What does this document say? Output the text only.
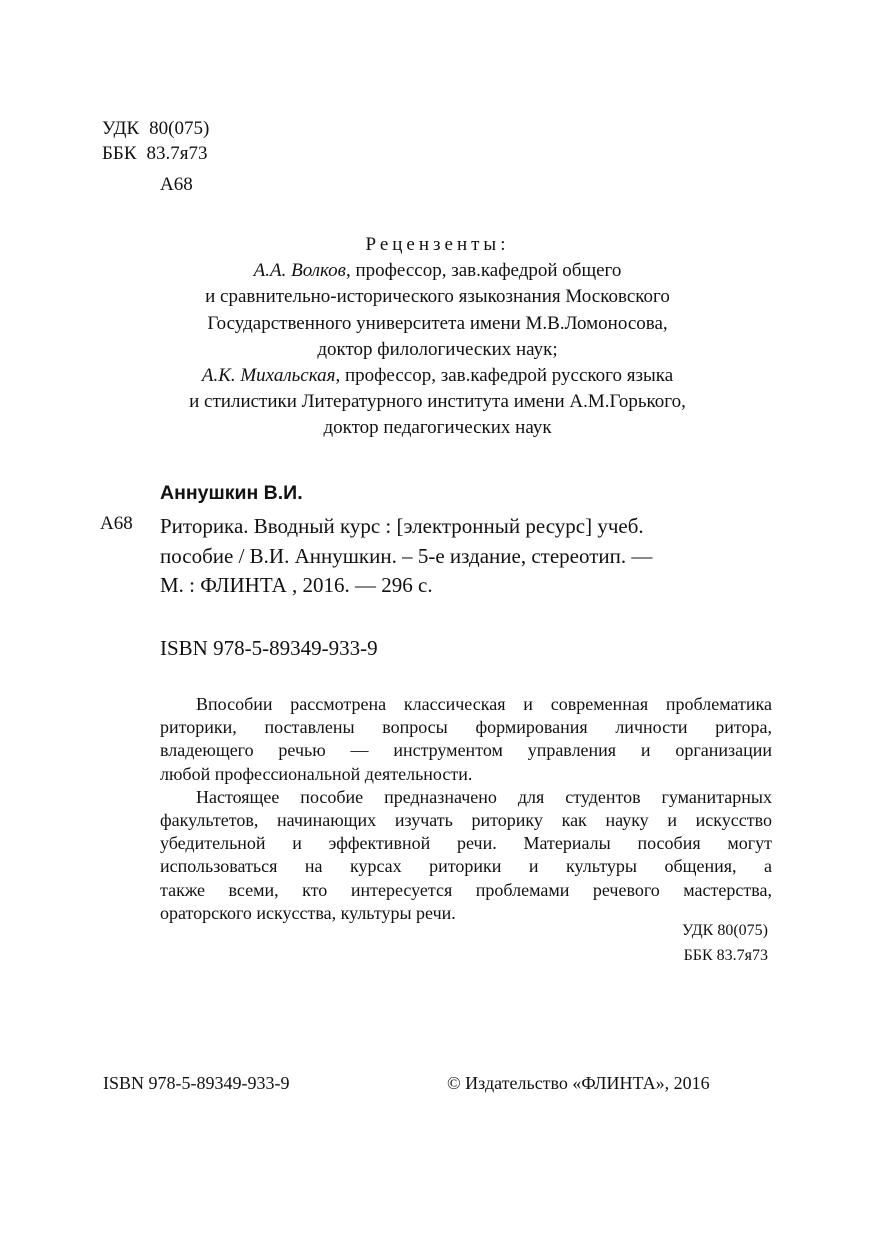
УДК 80(075)
ББК 83.7я73
А68
Рецензенты:
А.А. Волков, профессор, зав.кафедрой общего
и сравнительно-исторического языкознания Московского
Государственного университета имени М.В.Ломоносова,
доктор филологических наук;
А.К. Михальская, профессор, зав.кафедрой русского языка
и стилистики Литературного института имени А.М.Горького,
доктор педагогических наук
Аннушкин В.И.
А68 Риторика. Вводный курс : [электронный ресурс] учеб.
пособие / В.И. Аннушкин. – 5-е издание, стереотип. —
М. : ФЛИНТА , 2016. — 296 с.
ISBN 978-5-89349-933-9
Впособии рассмотрена классическая и современная проблематика
риторики, поставлены вопросы формирования личности ритора,
владеющего речью — инструментом управления и организации
любой профессиональной деятельности.
Настоящее пособие предназначено для студентов гуманитарных
факультетов, начинающих изучать риторику как науку и искусство
убедительной и эффективной речи. Материалы пособия могут
использоваться на курсах риторики и культуры общения, а
также всеми, кто интересуется проблемами речевого мастерства,
ораторского искусства, культуры речи.
УДК 80(075)
ББК 83.7я73
ISBN 978-5-89349-933-9	© Издательство «ФЛИНТА», 2016
